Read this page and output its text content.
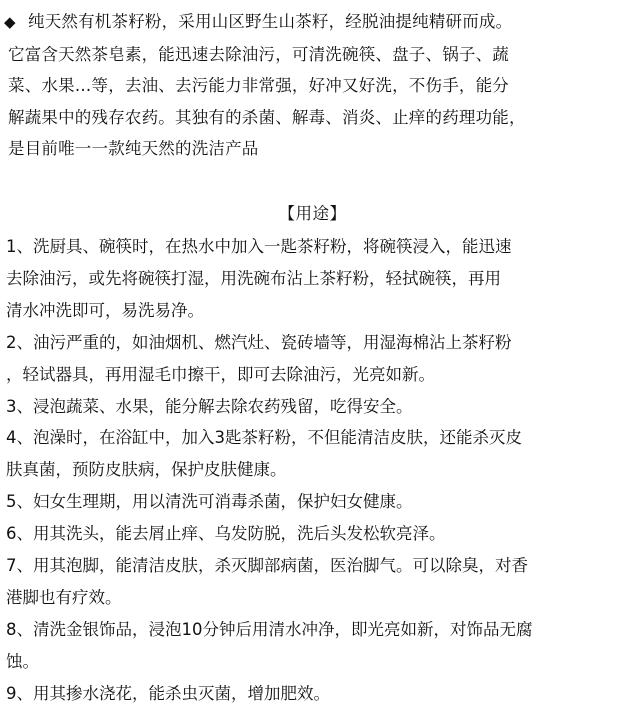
◆ 纯天然有机茶籽粉，采用山区野生山茶籽，经脱油提纯精研而成。
它富含天然茶皂素，能迅速去除油污，可清洗碗筷、盘子、锅子、蔬
菜、水果…等，去油、去污能力非常强，好冲又好洗，不伤手，能分
解蔬果中的残存农药。其独有的杀菌、解毒、消炎、止痒的药理功能，
是目前唯一一款纯天然的洗洁产品
【用途】
1、洗厨具、碗筷时，在热水中加入一匙茶籽粉，将碗筷浸入，能迅速
去除油污，或先将碗筷打湿，用洗碗布沾上茶籽粉，轻拭碗筷，再用
清水冲洗即可，易洗易净。
2、油污严重的，如油烟机、燃汽灶、瓷砖墙等，用湿海棉沾上茶籽粉
，轻试器具，再用湿毛巾擦干，即可去除油污，光亮如新。
3、浸泡蔬菜、水果，能分解去除农药残留，吃得安全。
4、泡澡时，在浴缸中，加入3匙茶籽粉，不但能清洁皮肤，还能杀灭皮
肤真菌，预防皮肤病，保护皮肤健康。
5、妇女生理期，用以清洗可消毒杀菌，保护妇女健康。
6、用其洗头，能去屑止痒、乌发防脱，洗后头发松软亮泽。
7、用其泡脚，能清洁皮肤，杀灭脚部病菌，医治脚气。可以除臭，对香
港脚也有疗效。
8、清洗金银饰品，浸泡10分钟后用清水冲净，即光亮如新，对饰品无腐
蚀。
9、用其掺水浇花，能杀虫灭菌，增加肥效。
